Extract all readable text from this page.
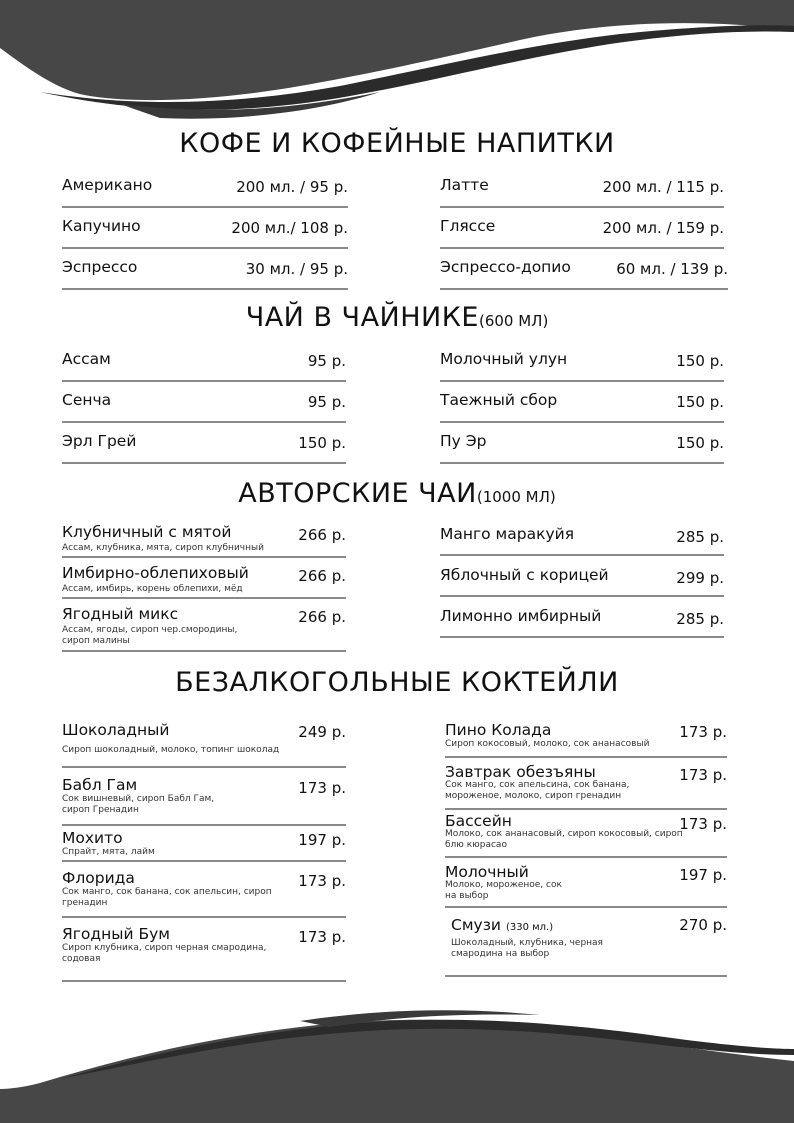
КОФЕ И КОФЕЙНЫЕ НАПИТКИ
Американо	200 мл. / 95 р.
Капучино	200 мл./ 108 р.
Эспрессо	30 мл. / 95 р.
Латте	200 мл. / 115 р.
Гляссе	200 мл. / 159 р.
Эспрессо-допио	60 мл. / 139 р.
ЧАЙ В ЧАЙНИКЕ(600 МЛ)
Ассам	95 р.
Сенча	95 р.
Эрл Грей	150 р.
Молочный улун	150 р.
Таежный сбор	150 р.
Пу Эр	150 р.
АВТОРСКИЕ ЧАИ(1000 МЛ)
Клубничный с мятой	266 р.
Ассам, клубника, мята, сироп клубничный
Имбирно-облепиховый	266 р.
Ассам, имбирь, корень облепихи, мёд
Ягодный микс	266 р.
Ассам, ягоды, сироп чер.смородины, сироп малины
Манго маракуйя	285 р.
Яблочный с корицей	299 р.
Лимонно имбирный	285 р.
БЕЗАЛКОГОЛЬНЫЕ КОКТЕЙЛИ
Шоколадный	249 р.
Сироп шоколадный, молоко, топинг шоколад
Бабл Гам	173 р.
Сок вишневый, сироп Бабл Гам, сироп Гренадин
Мохито	197 р.
Спрайт, мята, лайм
Флорида	173 р.
Сок манго, сок банана, сок апельсин, сироп гренадин
Ягодный Бум	173 р.
Сироп клубника, сироп черная смародина, содовая
Пино Колада	173 р.
Сироп кокосовый, молоко, сок ананасовый
Завтрак обезъяны	173 р.
Сок манго, сок апельсина, сок банана, мороженое, молоко, сироп гренадин
Бассейн	173 р.
Молоко, сок ананасовый, сироп кокосовый, сироп блю кюрасао
Молочный	197 р.
Молоко, мороженое, сок на выбор
Смузи (330 мл.)	270 р.
Шоколадный, клубника, черная смародина на выбор
